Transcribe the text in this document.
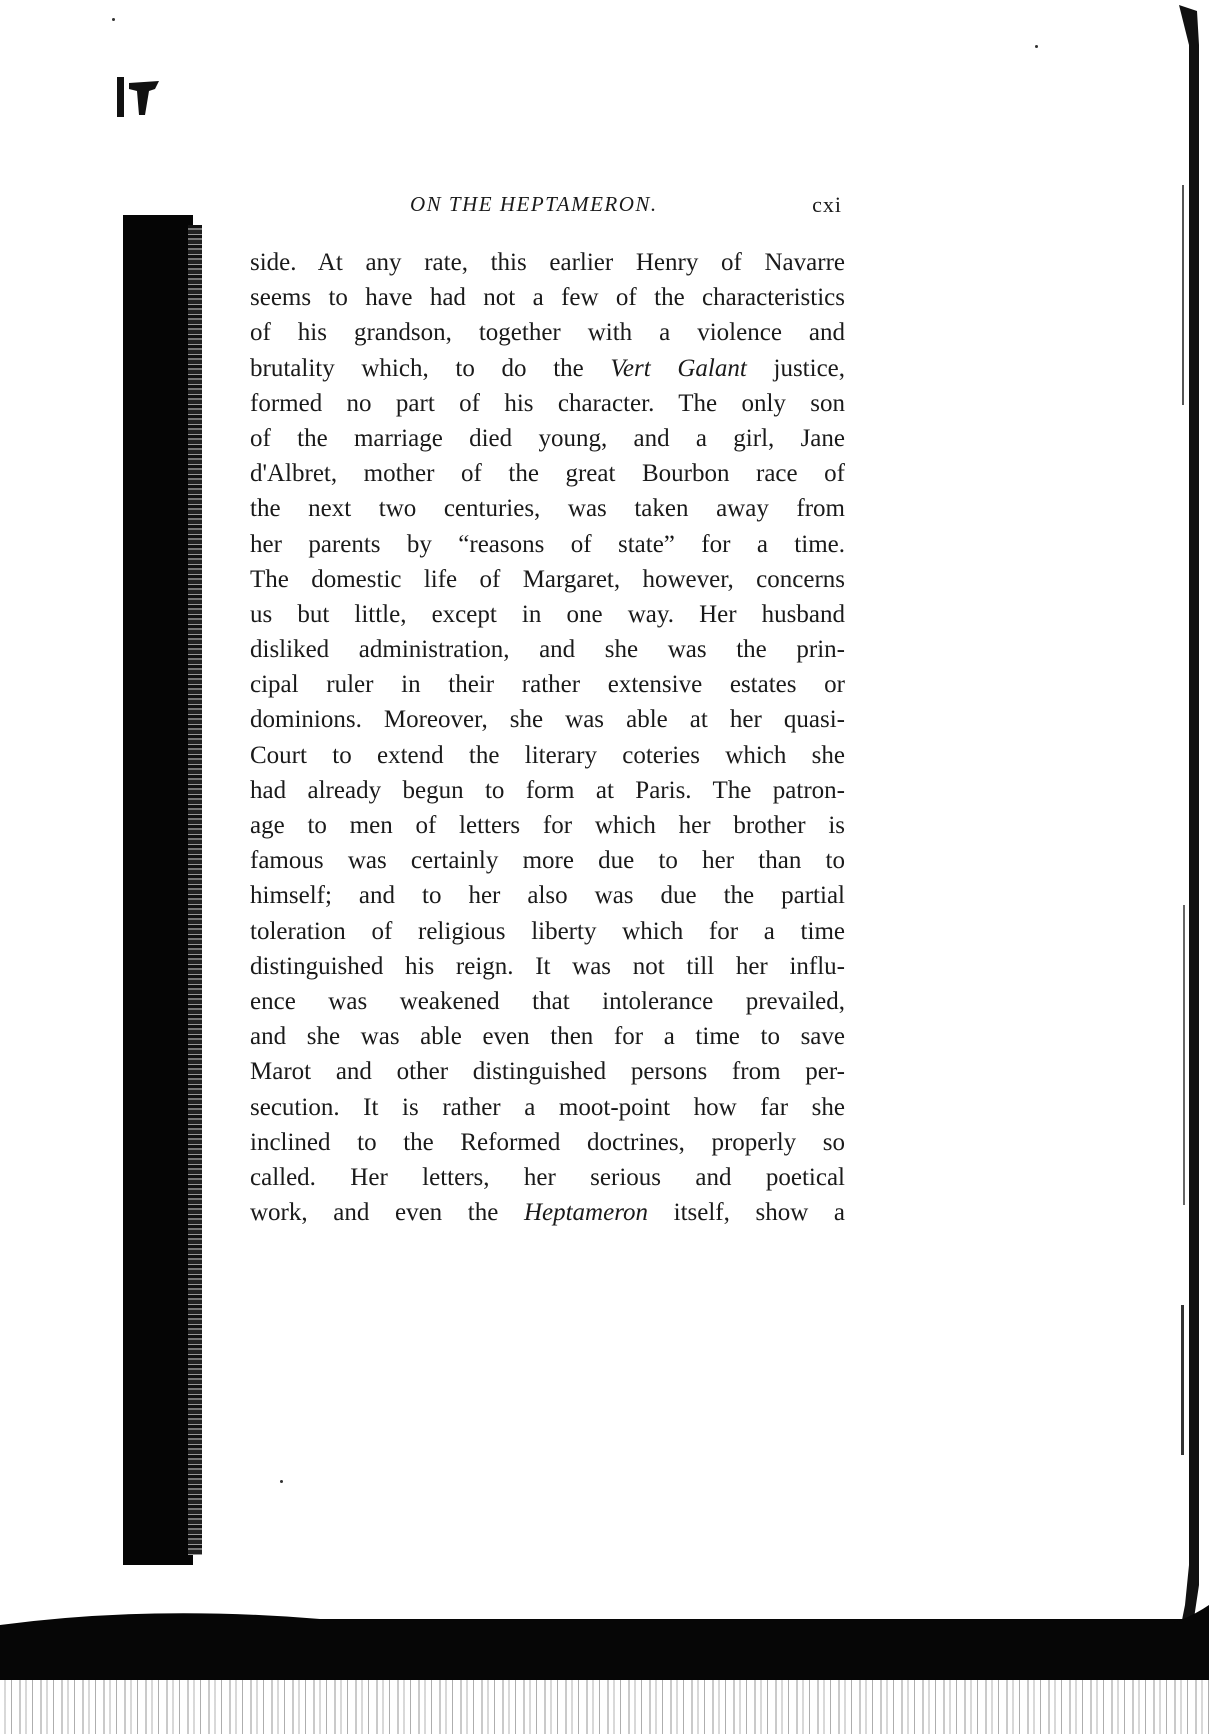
ON THE HEPTAMERON.	cxi
side. At any rate, this earlier Henry of Navarre
seems to have had not a few of the characteristics
of his grandson, together with a violence and
brutality which, to do the Vert Galant justice,
formed no part of his character. The only son
of the marriage died young, and a girl, Jane
d'Albret, mother of the great Bourbon race of
the next two centuries, was taken away from
her parents by “reasons of state” for a time.
The domestic life of Margaret, however, concerns
us but little, except in one way. Her husband
disliked administration, and she was the prin-
cipal ruler in their rather extensive estates or
dominions. Moreover, she was able at her quasi-
Court to extend the literary coteries which she
had already begun to form at Paris. The patron-
age to men of letters for which her brother is
famous was certainly more due to her than to
himself; and to her also was due the partial
toleration of religious liberty which for a time
distinguished his reign. It was not till her influ-
ence was weakened that intolerance prevailed,
and she was able even then for a time to save
Marot and other distinguished persons from per-
secution. It is rather a moot-point how far she
inclined to the Reformed doctrines, properly so
called. Her letters, her serious and poetical
work, and even the Heptameron itself, show a
